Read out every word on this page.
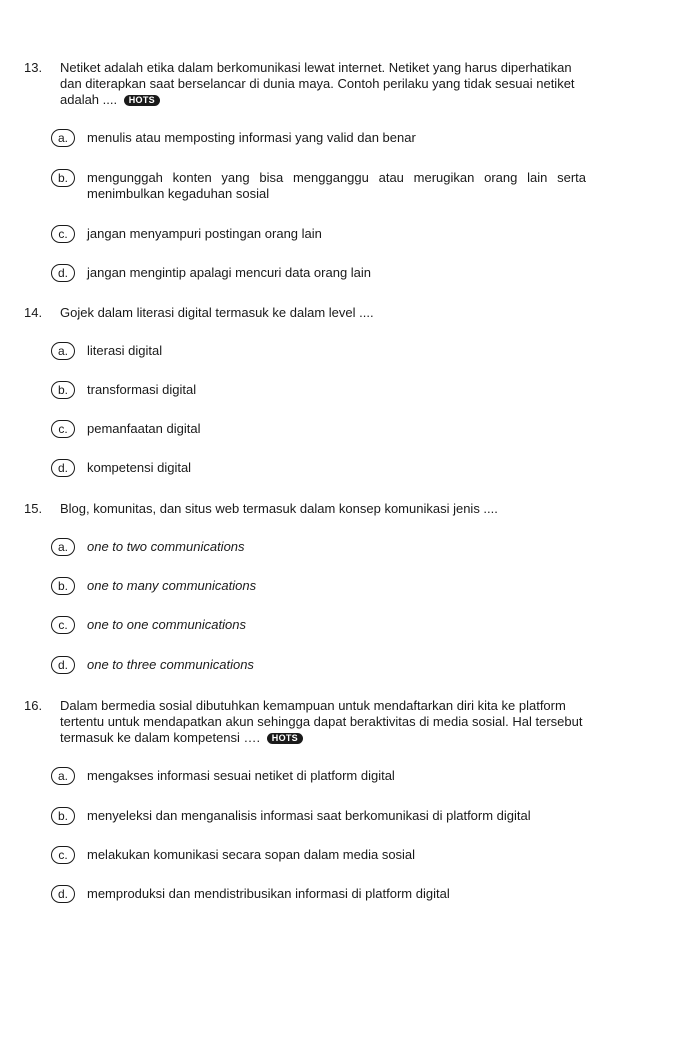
13.	Netiket adalah etika dalam berkomunikasi lewat internet. Netiket yang harus diperhatikan dan diterapkan saat berselancar di dunia maya. Contoh perilaku yang tidak sesuai netiket adalah .... HOTS
a.	menulis atau memposting informasi yang valid dan benar
b.	mengunggah konten yang bisa mengganggu atau merugikan orang lain serta menimbulkan kegaduhan sosial
c.	jangan menyampuri postingan orang lain
d.	jangan mengintip apalagi mencuri data orang lain
14.	Gojek dalam literasi digital termasuk ke dalam level ....
a.	literasi digital
b.	transformasi digital
c.	pemanfaatan digital
d.	kompetensi digital
15.	Blog, komunitas, dan situs web termasuk dalam konsep komunikasi jenis ....
a.	one to two communications
b.	one to many communications
c.	one to one communications
d.	one to three communications
16.	Dalam bermedia sosial dibutuhkan kemampuan untuk mendaftarkan diri kita ke platform tertentu untuk mendapatkan akun sehingga dapat beraktivitas di media sosial. Hal tersebut termasuk ke dalam kompetensi …. HOTS
a.	mengakses informasi sesuai netiket di platform digital
b.	menyeleksi dan menganalisis informasi saat berkomunikasi di platform digital
c.	melakukan komunikasi secara sopan dalam media sosial
d.	memproduksi dan mendistribusikan informasi di platform digital
